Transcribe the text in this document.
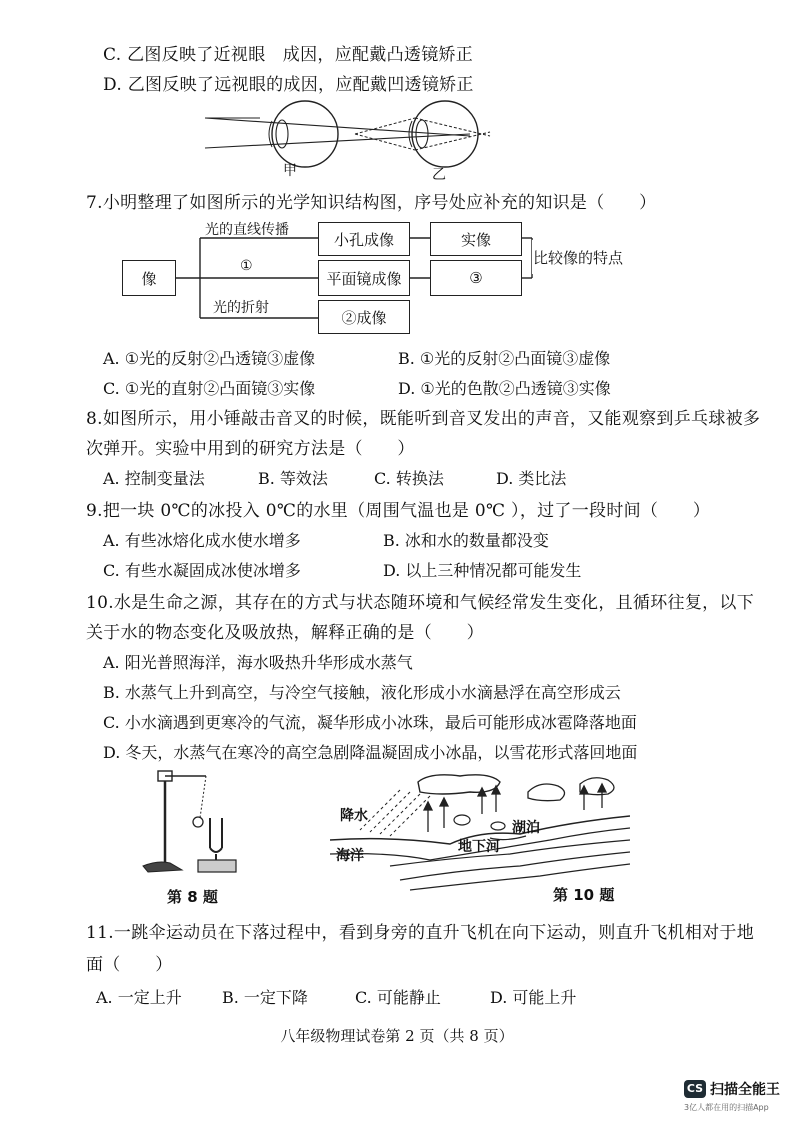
C. 乙图反映了近视眼　成因，应配戴凸透镜矫正
D. 乙图反映了远视眼的成因，应配戴凹透镜矫正
甲	乙
7.小明整理了如图所示的光学知识结构图，序号处应补充的知识是（　　）
像
光的直线传播
①
光的折射
小孔成像
平面镜成像
②成像
实像
③
比较像的特点
A. ①光的反射②凸透镜③虚像	B. ①光的反射②凸面镜③虚像
C. ①光的直射②凸面镜③实像	D. ①光的色散②凸透镜③实像
8.如图所示，用小锤敲击音叉的时候，既能听到音叉发出的声音，又能观察到乒乓球被多
次弹开。实验中用到的研究方法是（　　）
A. 控制变量法	B. 等效法	C. 转换法	D. 类比法
9.把一块 0℃的冰投入 0℃的水里（周围气温也是 0℃ ），过了一段时间（　　）
A. 有些冰熔化成水使水增多	B. 冰和水的数量都没变
C. 有些水凝固成冰使冰增多	D. 以上三种情况都可能发生
10.水是生命之源，其存在的方式与状态随环境和气候经常发生变化，且循环往复，以下
关于水的物态变化及吸放热，解释正确的是（　　）
A. 阳光普照海洋，海水吸热升华形成水蒸气
B. 水蒸气上升到高空，与冷空气接触，液化形成小水滴悬浮在高空形成云
C. 小水滴遇到更寒冷的气流，凝华形成小冰珠，最后可能形成冰雹降落地面
D. 冬天，水蒸气在寒冷的高空急剧降温凝固成小冰晶，以雪花形式落回地面
第 8 题
降水
湖泊
海洋
地下河
第 10 题
11.一跳伞运动员在下落过程中，看到身旁的直升飞机在向下运动，则直升飞机相对于地
面（　　）
A. 一定上升	B. 一定下降	C. 可能静止	D. 可能上升
八年级物理试卷第 2 页（共 8 页）
CS 扫描全能王
3亿人都在用的扫描App
